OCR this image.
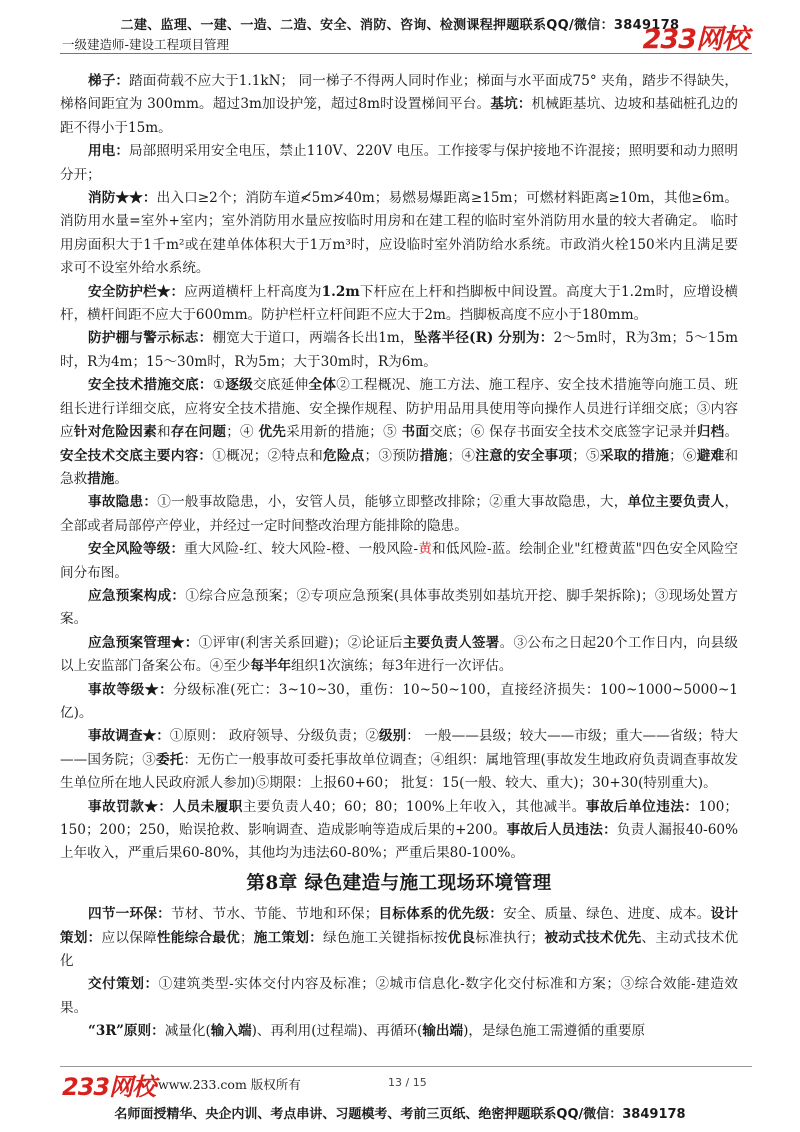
二建、监理、一建、一造、二造、安全、消防、咨询、检测课程押题联系QQ/微信：3849178
一级建造师-建设工程项目管理	233网校

梯子：踏面荷载不应大于1.1kN； 同一梯子不得两人同时作业；梯面与水平面成75° 夹角，踏步不得缺失，梯格间距宜为 300mm。超过3m加设护笼，超过8m时设置梯间平台。基坑：机械距基坑、边坡和基础桩孔边的距不得小于15m。

用电：局部照明采用安全电压，禁止110V、220V 电压。工作接零与保护接地不许混接；照明要和动力照明分开；

消防★★：出入口≥2个；消防车道≮5m≯40m；易燃易爆距离≥15m；可燃材料距离≥10m，其他≥6m。 消防用水量=室外+室内；室外消防用水量应按临时用房和在建工程的临时室外消防用水量的较大者确定。 临时用房面积大于1千m²或在建单体体积大于1万m³时，应设临时室外消防给水系统。市政消火栓150米内且满足要求可不设室外给水系统。

安全防护栏★：应两道横杆上杆高度为1.2m下杆应在上杆和挡脚板中间设置。高度大于1.2m时，应增设横杆，横杆间距不应大于600mm。防护栏杆立杆间距不应大于2m。挡脚板高度不应小于180mm。

防护棚与警示标志：棚宽大于道口，两端各长出1m，坠落半径(R) 分别为：2～5m时，R为3m；5～15m时，R为4m；15～30m时，R为5m；大于30m时，R为6m。

安全技术措施交底：①逐级交底延伸全体②工程概况、施工方法、施工程序、安全技术措施等向施工员、班组长进行详细交底，应将安全技术措施、安全操作规程、防护用品用具使用等向操作人员进行详细交底；③内容应针对危险因素和存在问题；④ 优先采用新的措施；⑤ 书面交底；⑥ 保存书面安全技术交底签字记录并归档。安全技术交底主要内容：①概况；②特点和危险点；③预防措施；④注意的安全事项；⑤采取的措施；⑥避难和急救措施。

事故隐患：①一般事故隐患，小，安管人员，能够立即整改排除；②重大事故隐患，大，单位主要负责人，全部或者局部停产停业，并经过一定时间整改治理方能排除的隐患。

安全风险等级：重大风险-红、较大风险-橙、一般风险-黄和低风险-蓝。绘制企业"红橙黄蓝"四色安全风险空间分布图。

应急预案构成：①综合应急预案；②专项应急预案(具体事故类别如基坑开挖、脚手架拆除)；③现场处置方案。

应急预案管理★：①评审(利害关系回避)；②论证后主要负责人签署。③公布之日起20个工作日内，向县级以上安监部门备案公布。④至少每半年组织1次演练；每3年进行一次评估。

事故等级★：分级标准(死亡：3~10~30，重伤：10~50~100，直接经济损失：100~1000~5000~1亿)。

事故调查★：①原则： 政府领导、分级负责；②级别： 一般——县级；较大——市级；重大——省级；特大——国务院；③委托：无伤亡一般事故可委托事故单位调查；④组织：属地管理(事故发生地政府负责调查事故发生单位所在地人民政府派人参加)⑤期限：上报60+60； 批复：15(一般、较大、重大)；30+30(特别重大)。

事故罚款★：人员未履职主要负责人40；60；80；100%上年收入，其他减半。事故后单位违法：100；150；200；250，贻误抢救、影响调查、造成影响等造成后果的+200。事故后人员违法：负责人漏报40-60%上年收入，严重后果60-80%，其他均为违法60-80%；严重后果80-100%。

第8章 绿色建造与施工现场环境管理

四节一环保：节材、节水、节能、节地和环保；目标体系的优先级：安全、质量、绿色、进度、成本。设计策划：应以保障性能综合最优；施工策划：绿色施工关键指标按优良标准执行；被动式技术优先、主动式技术优化

交付策划：①建筑类型-实体交付内容及标准；②城市信息化-数字化交付标准和方案；③综合效能-建造效果。

“3R”原则：减量化(输入端)、再利用(过程端)、再循环(输出端)，是绿色施工需遵循的重要原

233网校 www.233.com 版权所有	13 / 15
名师面授精华、央企内训、考点串讲、习题模考、考前三页纸、绝密押题联系QQ/微信：3849178
